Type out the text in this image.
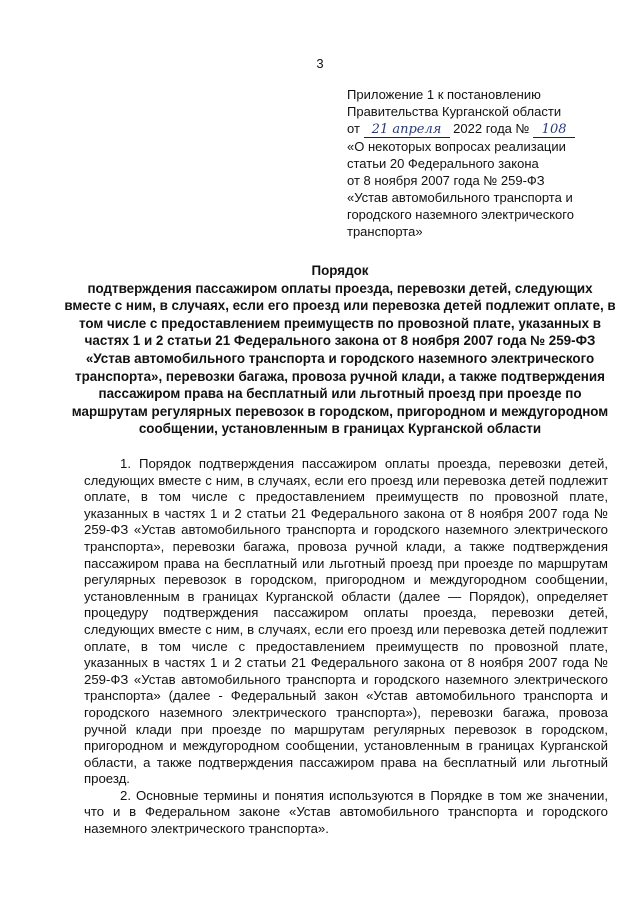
3
Приложение 1 к постановлению
Правительства Курганской области
от 21 апреля 2022 года № 108
«О некоторых вопросах реализации
статьи 20 Федерального закона
от 8 ноября 2007 года № 259-ФЗ
«Устав автомобильного транспорта и
городского наземного электрического
транспорта»
Порядок
подтверждения пассажиром оплаты проезда, перевозки детей, следующих вместе с ним, в случаях, если его проезд или перевозка детей подлежит оплате, в том числе с предоставлением преимуществ по провозной плате, указанных в частях 1 и 2 статьи 21 Федерального закона от 8 ноября 2007 года № 259-ФЗ «Устав автомобильного транспорта и городского наземного электрического транспорта», перевозки багажа, провоза ручной клади, а также подтверждения пассажиром права на бесплатный или льготный проезд при проезде по маршрутам регулярных перевозок в городском, пригородном и междугородном сообщении, установленным в границах Курганской области

1. Порядок подтверждения пассажиром оплаты проезда, перевозки детей, следующих вместе с ним, в случаях, если его проезд или перевозка детей подлежит оплате, в том числе с предоставлением преимуществ по провозной плате, указанных в частях 1 и 2 статьи 21 Федерального закона от 8 ноября 2007 года № 259-ФЗ «Устав автомобильного транспорта и городского наземного электрического транспорта», перевозки багажа, провоза ручной клади, а также подтверждения пассажиром права на бесплатный или льготный проезд при проезде по маршрутам регулярных перевозок в городском, пригородном и междугородном сообщении, установленным в границах Курганской области (далее — Порядок), определяет процедуру подтверждения пассажиром оплаты проезда, перевозки детей, следующих вместе с ним, в случаях, если его проезд или перевозка детей подлежит оплате, в том числе с предоставлением преимуществ по провозной плате, указанных в частях 1 и 2 статьи 21 Федерального закона от 8 ноября 2007 года № 259-ФЗ «Устав автомобильного транспорта и городского наземного электрического транспорта» (далее - Федеральный закон «Устав автомобильного транспорта и городского наземного электрического транспорта»), перевозки багажа, провоза ручной клади при проезде по маршрутам регулярных перевозок в городском, пригородном и междугородном сообщении, установленным в границах Курганской области, а также подтверждения пассажиром права на бесплатный или льготный проезд.

2. Основные термины и понятия используются в Порядке в том же значении, что и в Федеральном законе «Устав автомобильного транспорта и городского наземного электрического транспорта».
